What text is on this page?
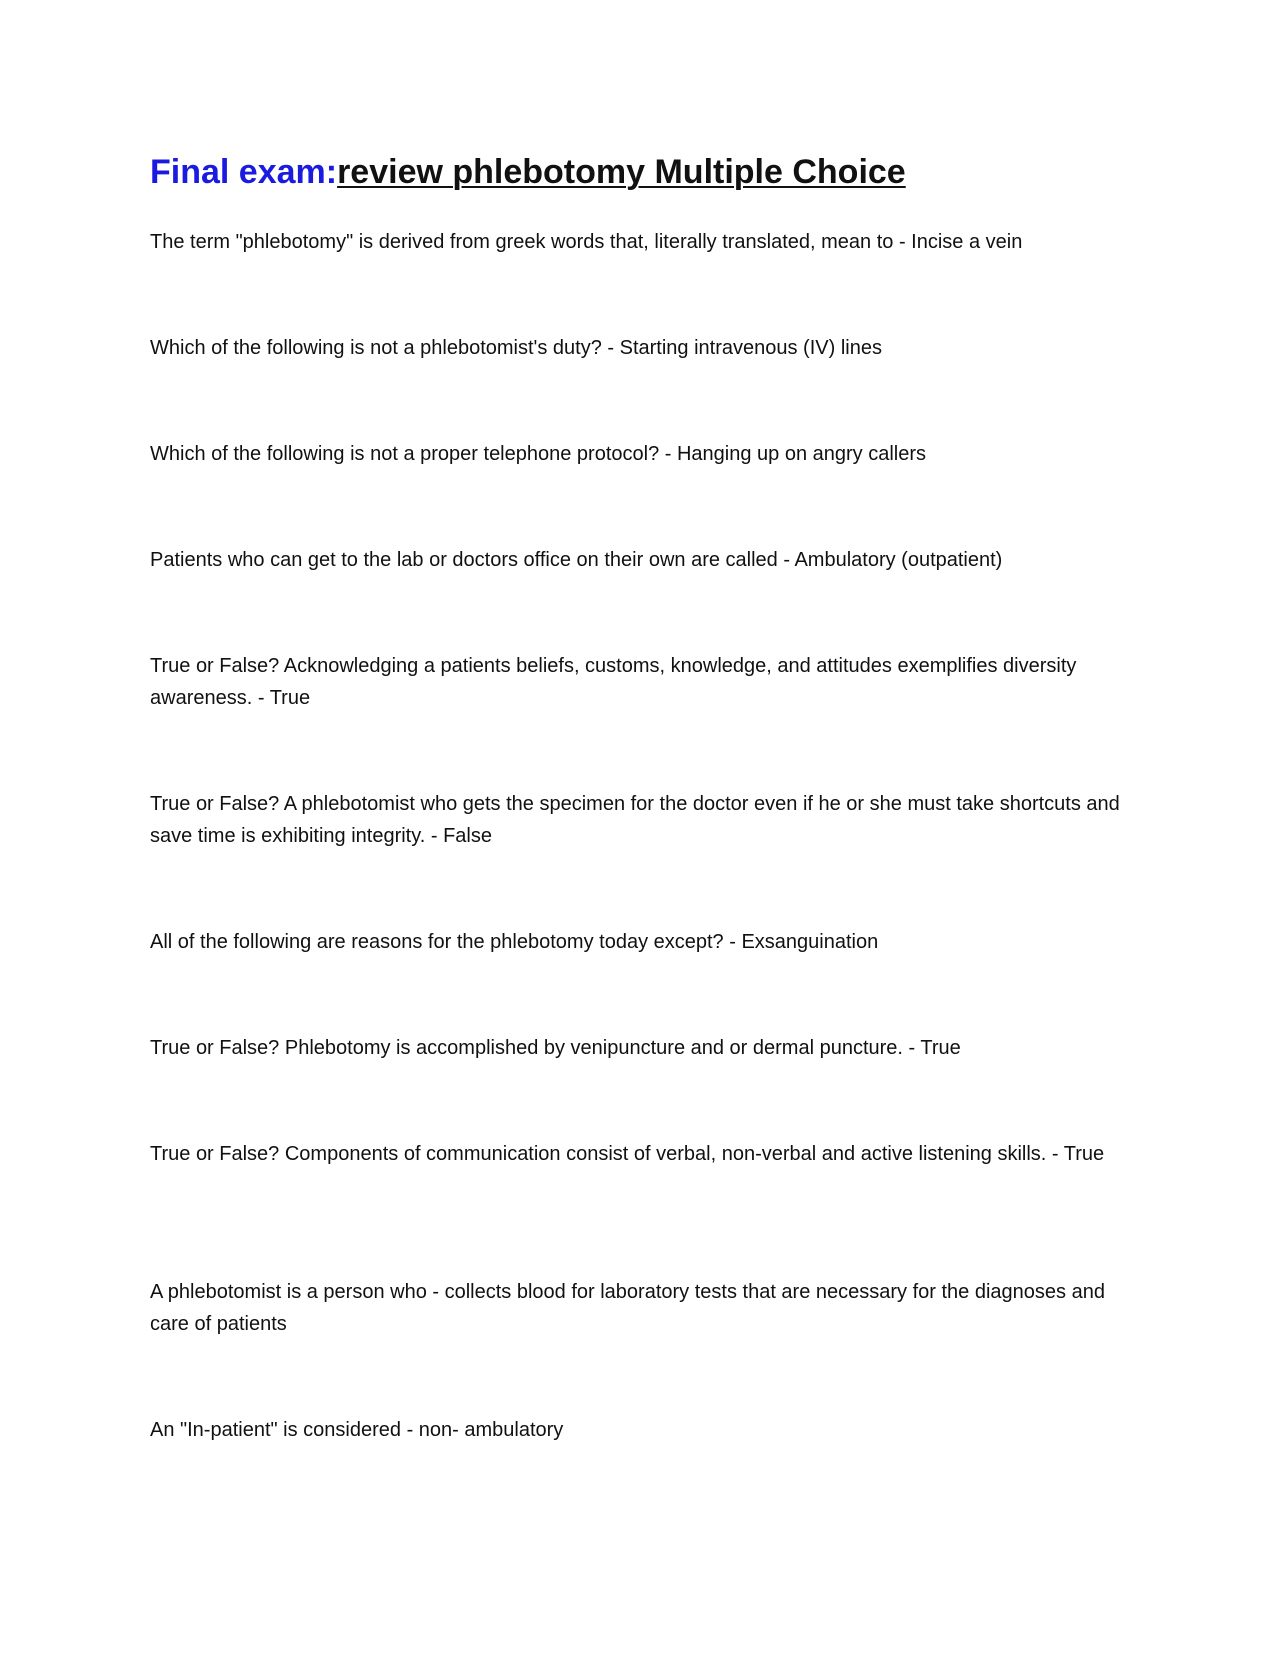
Final exam:review phlebotomy Multiple Choice
The term "phlebotomy" is derived from greek words that, literally translated, mean to - Incise a vein
Which of the following is not a phlebotomist's duty? - Starting intravenous (IV) lines
Which of the following is not a proper telephone protocol? - Hanging up on angry callers
Patients who can get to the lab or doctors office on their own are called - Ambulatory (outpatient)
True or False? Acknowledging a patients beliefs, customs, knowledge, and attitudes exemplifies diversity awareness. - True
True or False? A phlebotomist who gets the specimen for the doctor even if he or she must take shortcuts and save time is exhibiting integrity. - False
All of the following are reasons for the phlebotomy today except? - Exsanguination
True or False? Phlebotomy is accomplished by venipuncture and or dermal puncture. - True
True or False? Components of communication consist of verbal, non-verbal and active listening skills. - True
A phlebotomist is a person who - collects blood for laboratory tests that are necessary for the diagnoses and care of patients
An "In-patient" is considered - non- ambulatory
